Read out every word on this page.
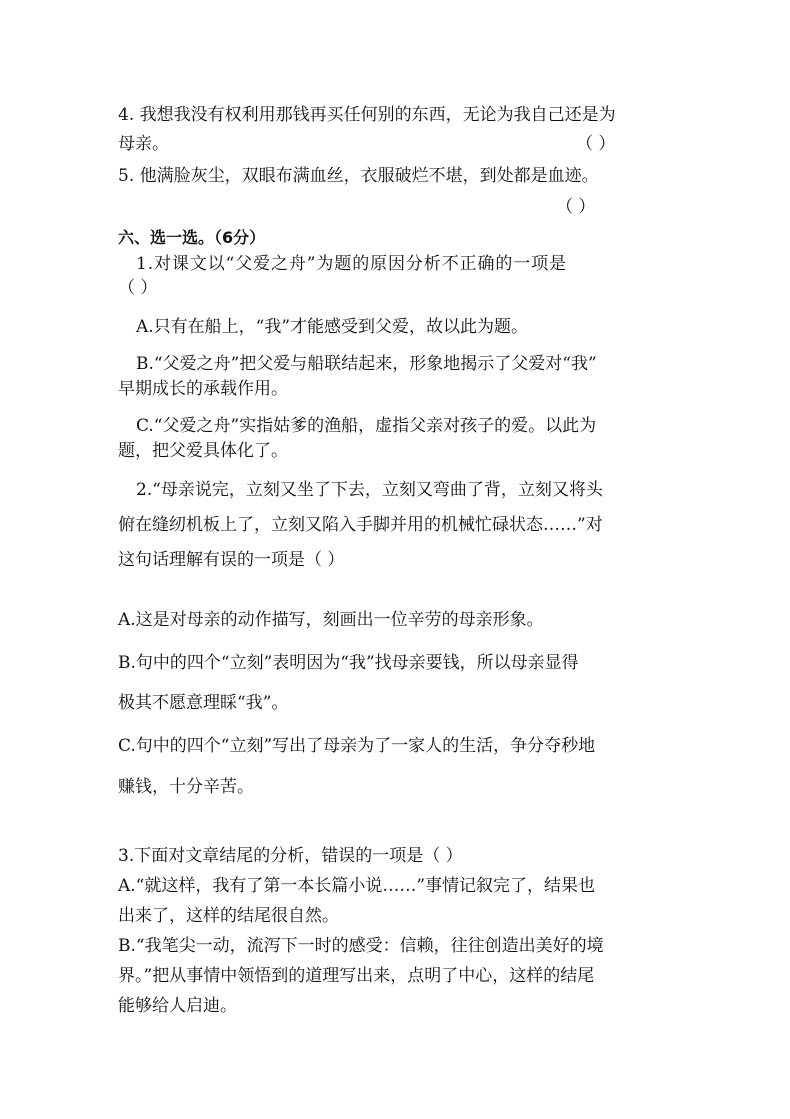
4. 我想我没有权利用那钱再买任何别的东西，无论为我自己还是为
母亲。	（ ）
5. 他满脸灰尘，双眼布满血丝，衣服破烂不堪，到处都是血迹。
（ ）
六、选一选。（6分）
1.对课文以“父爱之舟”为题的原因分析不正确的一项是
（ ）
A.只有在船上，“我”才能感受到父爱，故以此为题。
B.“父爱之舟”把父爱与船联结起来，形象地揭示了父爱对“我”
早期成长的承载作用。
C.“父爱之舟”实指姑爹的渔船，虚指父亲对孩子的爱。以此为
题，把父爱具体化了。
2.“母亲说完，立刻又坐了下去，立刻又弯曲了背，立刻又将头
俯在缝纫机板上了，立刻又陷入手脚并用的机械忙碌状态……”对
这句话理解有误的一项是（ ）
A.这是对母亲的动作描写，刻画出一位辛劳的母亲形象。
B.句中的四个“立刻”表明因为“我”找母亲要钱，所以母亲显得
极其不愿意理睬“我”。
C.句中的四个“立刻”写出了母亲为了一家人的生活，争分夺秒地
赚钱，十分辛苦。
3.下面对文章结尾的分析，错误的一项是（ ）
A.“就这样，我有了第一本长篇小说……”事情记叙完了，结果也
出来了，这样的结尾很自然。
B.“我笔尖一动，流泻下一时的感受：信赖，往往创造出美好的境
界。”把从事情中领悟到的道理写出来，点明了中心，这样的结尾
能够给人启迪。
